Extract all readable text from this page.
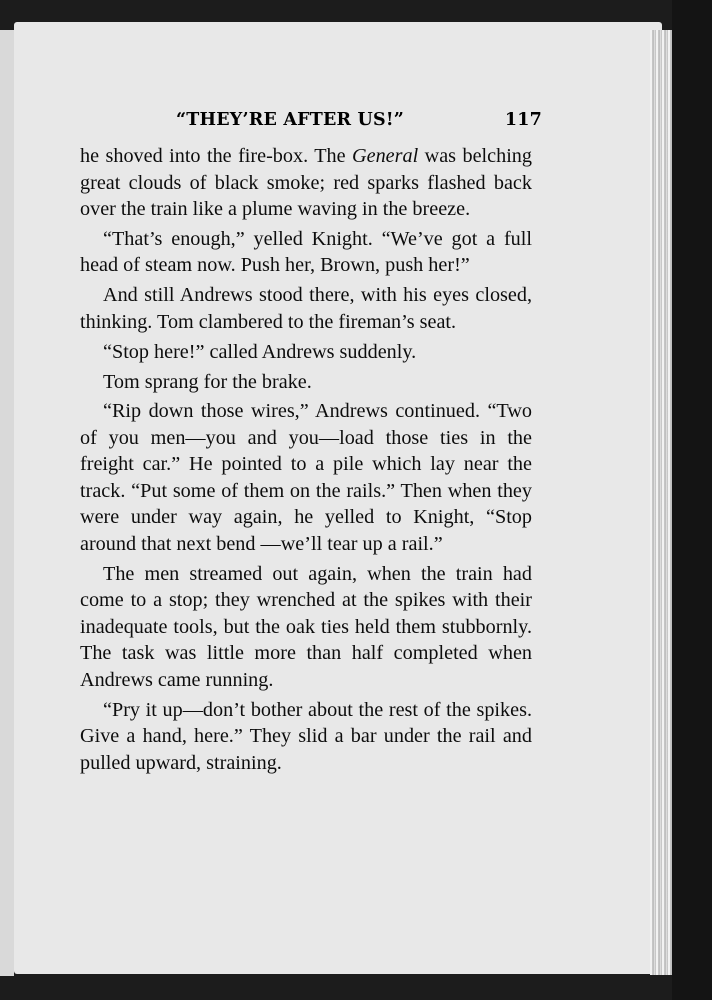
“THEY’RE AFTER US!”	117

he shoved into the fire-box. The General was belching great clouds of black smoke; red sparks flashed back over the train like a plume waving in the breeze.

“That’s enough,” yelled Knight. “We’ve got a full head of steam now. Push her, Brown, push her!”

And still Andrews stood there, with his eyes closed, thinking. Tom clambered to the fireman’s seat.

“Stop here!” called Andrews suddenly.

Tom sprang for the brake.

“Rip down those wires,” Andrews continued. “Two of you men—you and you—load those ties in the freight car.” He pointed to a pile which lay near the track. “Put some of them on the rails.” Then when they were under way again, he yelled to Knight, “Stop around that next bend —we’ll tear up a rail.”

The men streamed out again, when the train had come to a stop; they wrenched at the spikes with their inadequate tools, but the oak ties held them stubbornly. The task was little more than half completed when Andrews came running.

“Pry it up—don’t bother about the rest of the spikes. Give a hand, here.” They slid a bar under the rail and pulled upward, straining.
